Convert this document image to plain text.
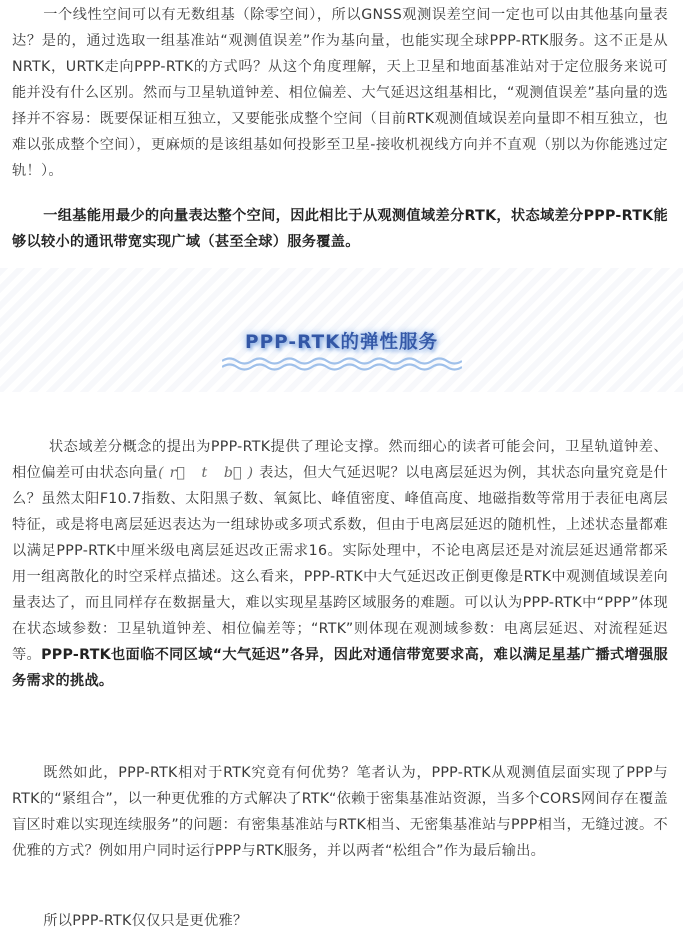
一个线性空间可以有无数组基（除零空间），所以GNSS观测误差空间一定也可以由其他基向量表达？是的，通过选取一组基准站“观测值误差”作为基向量，也能实现全球PPP-RTK服务。这不正是从NRTK，URTK走向PPP-RTK的方式吗？从这个角度理解，天上卫星和地面基准站对于定位服务来说可能并没有什么区别。然而与卫星轨道钟差、相位偏差、大气延迟这组基相比，“观测值误差”基向量的选择并不容易：既要保证相互独立，又要能张成整个空间（目前RTK观测值域误差向量即不相互独立，也难以张成整个空间），更麻烦的是该组基如何投影至卫星-接收机视线方向并不直观（别以为你能逃过定轨！）。

一组基能用最少的向量表达整个空间，因此相比于从观测值域差分RTK，状态域差分PPP-RTK能够以较小的通讯带宽实现广域（甚至全球）服务覆盖。

PPP-RTK的弹性服务

状态域差分概念的提出为PPP-RTK提供了理论支撑。然而细心的读者可能会问，卫星轨道钟差、相位偏差可由状态向量(r⃗ t b⃗)表达，但大气延迟呢？以电离层延迟为例，其状态向量究竟是什么？虽然太阳F10.7指数、太阳黑子数、氧氮比、峰值密度、峰值高度、地磁指数等常用于表征电离层特征，或是将电离层延迟表达为一组球协或多项式系数，但由于电离层延迟的随机性，上述状态量都难以满足PPP-RTK中厘米级电离层延迟改正需求16。实际处理中，不论电离层还是对流层延迟通常都采用一组离散化的时空采样点描述。这么看来，PPP-RTK中大气延迟改正倒更像是RTK中观测值域误差向量表达了，而且同样存在数据量大，难以实现星基跨区域服务的难题。可以认为PPP-RTK中“PPP”体现在状态域参数：卫星轨道钟差、相位偏差等；“RTK”则体现在观测域参数：电离层延迟、对流程延迟等。PPP-RTK也面临不同区域“大气延迟”各异，因此对通信带宽要求高，难以满足星基广播式增强服务需求的挑战。

既然如此，PPP-RTK相对于RTK究竟有何优势？笔者认为，PPP-RTK从观测值层面实现了PPP与RTK的“紧组合”，以一种更优雅的方式解决了RTK“依赖于密集基准站资源，当多个CORS网间存在覆盖盲区时难以实现连续服务”的问题：有密集基准站与RTK相当、无密集基准站与PPP相当，无缝过渡。不优雅的方式？例如用户同时运行PPP与RTK服务，并以两者“松组合”作为最后输出。

所以PPP-RTK仅仅只是更优雅？
